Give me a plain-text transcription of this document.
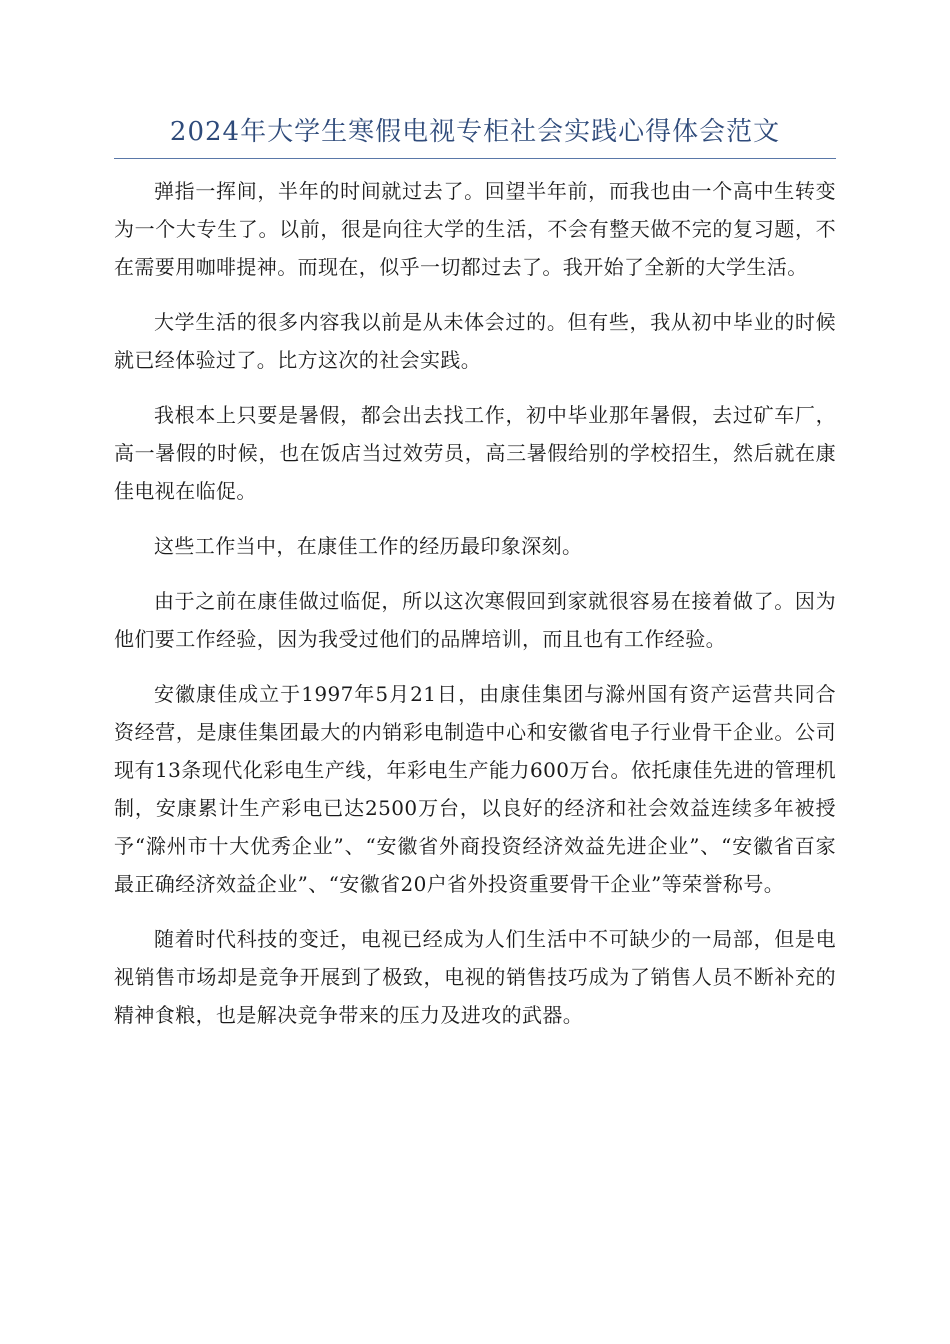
2024年大学生寒假电视专柜社会实践心得体会范文

弹指一挥间，半年的时间就过去了。回望半年前，而我也由一个高中生转变为一个大专生了。以前，很是向往大学的生活，不会有整天做不完的复习题，不在需要用咖啡提神。而现在，似乎一切都过去了。我开始了全新的大学生活。

大学生活的很多内容我以前是从未体会过的。但有些，我从初中毕业的时候就已经体验过了。比方这次的社会实践。

我根本上只要是暑假，都会出去找工作，初中毕业那年暑假，去过矿车厂，高一暑假的时候，也在饭店当过效劳员，高三暑假给别的学校招生，然后就在康佳电视在临促。

这些工作当中，在康佳工作的经历最印象深刻。

由于之前在康佳做过临促，所以这次寒假回到家就很容易在接着做了。因为他们要工作经验，因为我受过他们的品牌培训，而且也有工作经验。

安徽康佳成立于1997年5月21日，由康佳集团与滁州国有资产运营共同合资经营，是康佳集团最大的内销彩电制造中心和安徽省电子行业骨干企业。公司现有13条现代化彩电生产线，年彩电生产能力600万台。依托康佳先进的管理机制，安康累计生产彩电已达2500万台，以良好的经济和社会效益连续多年被授予“滁州市十大优秀企业”、“安徽省外商投资经济效益先进企业”、“安徽省百家最正确经济效益企业”、“安徽省20户省外投资重要骨干企业”等荣誉称号。

随着时代科技的变迁，电视已经成为人们生活中不可缺少的一局部，但是电视销售市场却是竞争开展到了极致，电视的销售技巧成为了销售人员不断补充的精神食粮，也是解决竞争带来的压力及进攻的武器。
